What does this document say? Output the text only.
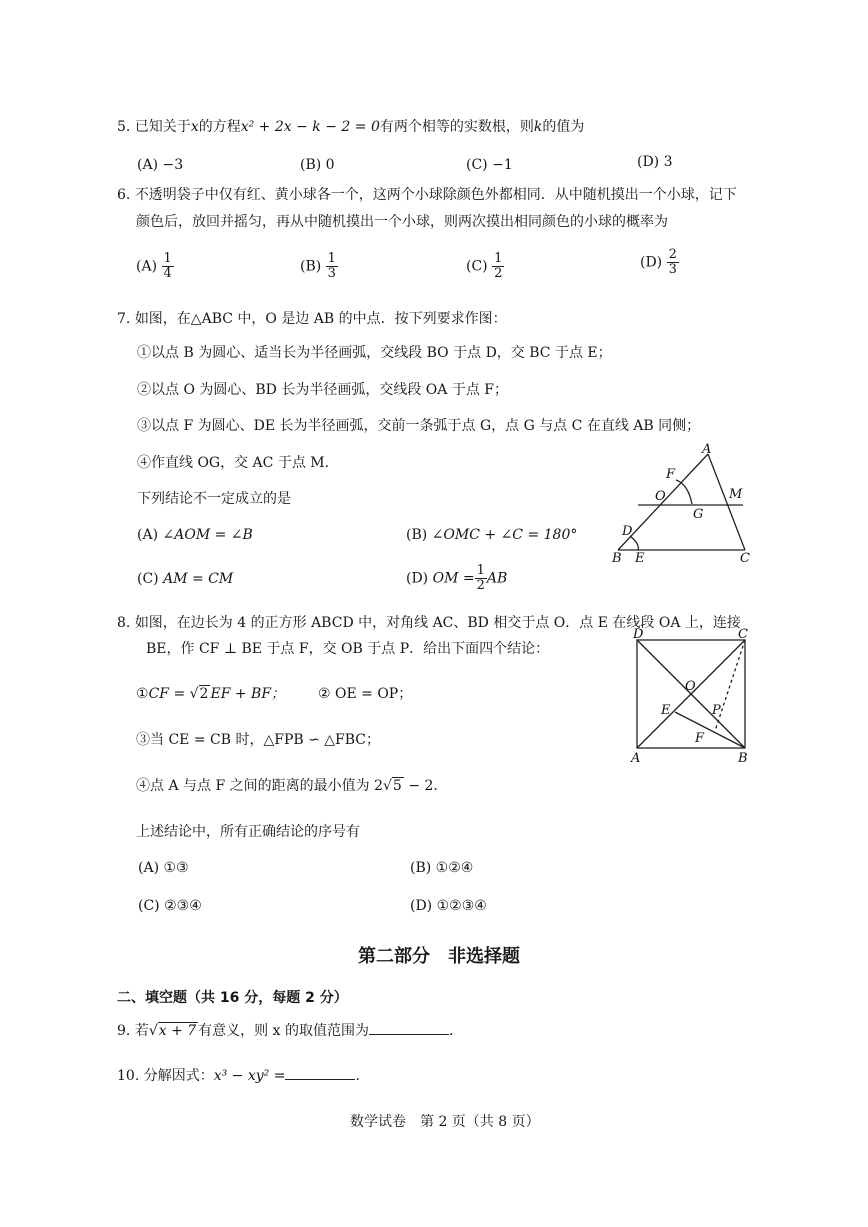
5. 已知关于x的方程x² + 2x − k − 2 = 0有两个相等的实数根，则k的值为
(A) −3	(B) 0	(C) −1	(D) 3
6. 不透明袋子中仅有红、黄小球各一个，这两个小球除颜色外都相同．从中随机摸出一个小球，记下
颜色后，放回并摇匀，再从中随机摸出一个小球，则两次摸出相同颜色的小球的概率为
$(A) \frac{1}{4}$	$(B) \frac{1}{3}$	$(C) \frac{1}{2}$	$(D) \frac{2}{3}$
7. 如图，在△ABC 中，O 是边 AB 的中点．按下列要求作图：
①以点 B 为圆心、适当长为半径画弧，交线段 BO 于点 D，交 BC 于点 E；
②以点 O 为圆心、BD 长为半径画弧，交线段 OA 于点 F；
③以点 F 为圆心、DE 长为半径画弧，交前一条弧于点 G，点 G 与点 C 在直线 AB 同侧；
④作直线 OG，交 AC 于点 M．
下列结论不一定成立的是
(A) ∠AOM = ∠B	(B) ∠OMC + ∠C = 180°
(C) AM = CM	(D) OM = $\frac{1}{2}$ AB
A
F
O	M
G
D
B E	C
8. 如图，在边长为 4 的正方形 ABCD 中，对角线 AC、BD 相交于点 O．点 E 在线段 OA 上，连接
BE，作 CF ⊥ BE 于点 F，交 OB 于点 P．给出下面四个结论：
①CF = √2 EF + BF； ② OE = OP；
③当 CE = CB 时，△FPB ∽ △FBC；
④点 A 与点 F 之间的距离的最小值为 2√5 − 2．
上述结论中，所有正确结论的序号有
(A) ①③	(B) ①②④
(C) ②③④	(D) ①②③④
D	C
O
E	P
F
A	B
第二部分　非选择题
二、填空题（共 16 分，每题 2 分）
9. 若√x + 7 有意义，则 x 的取值范围为	.
10. 分解因式：x³ − xy² =	.
数学试卷　第 2 页（共 8 页）
